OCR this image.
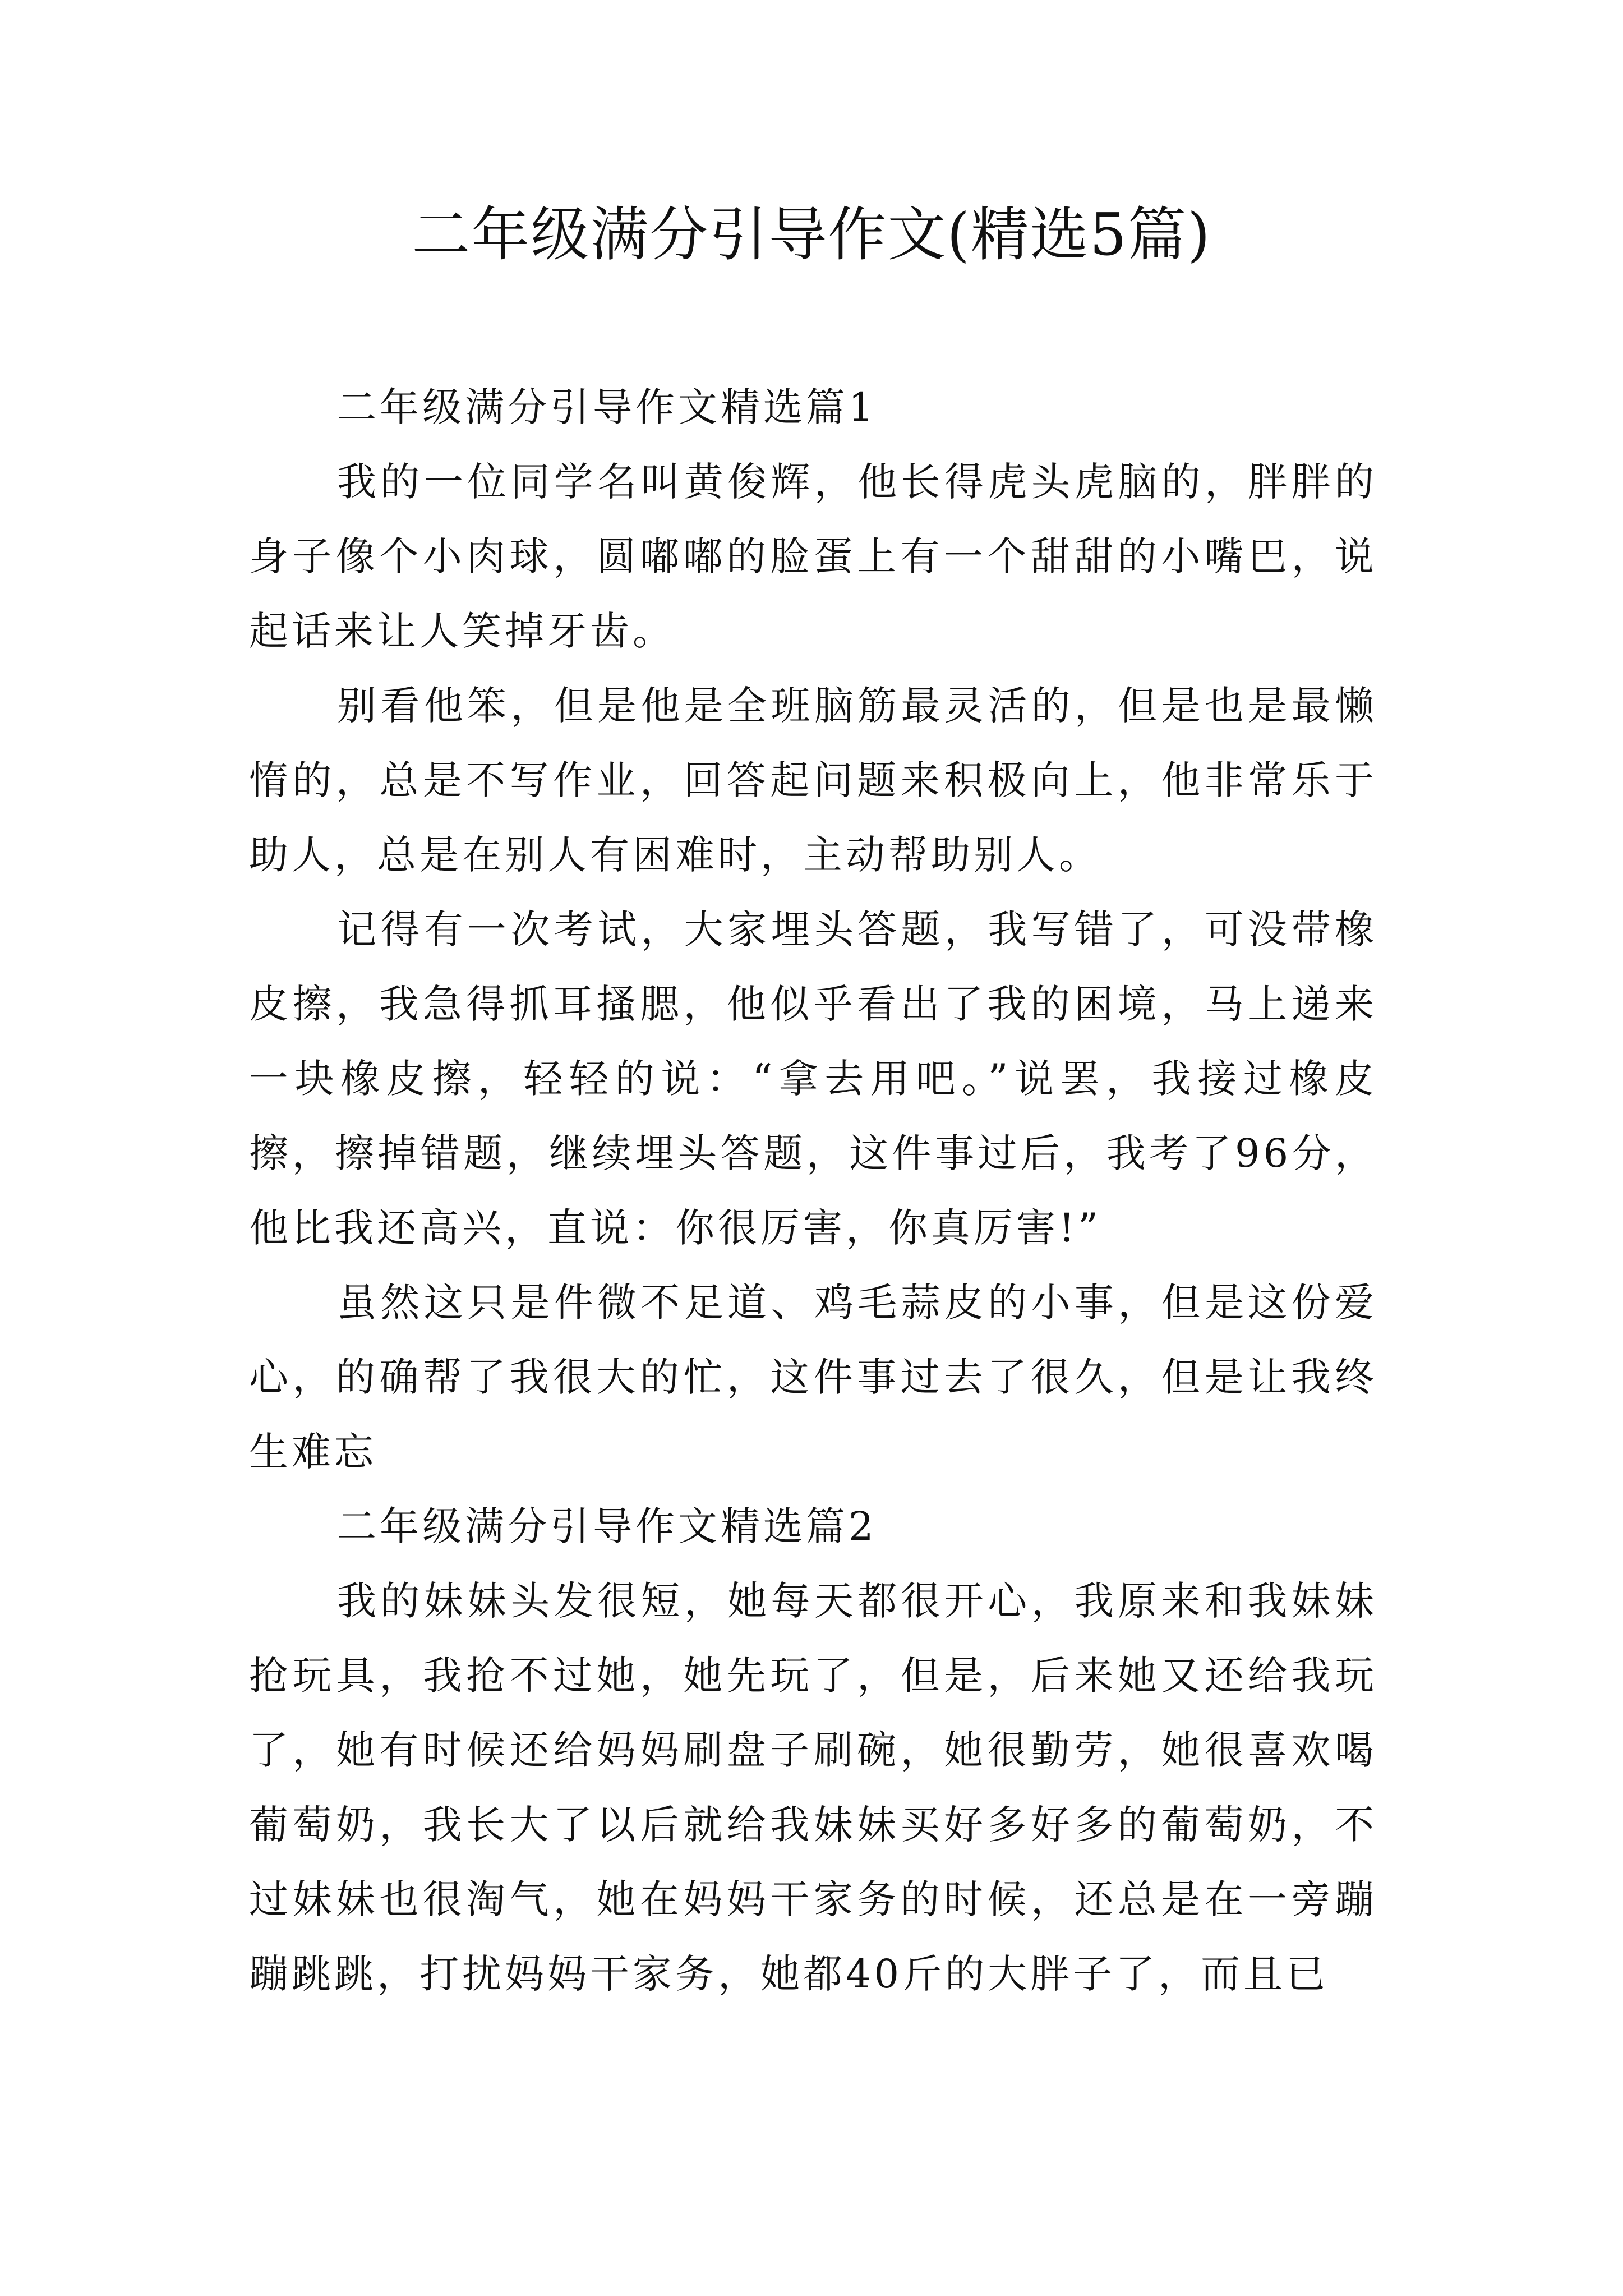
二年级满分引导作文(精选5篇)

二年级满分引导作文精选篇1

我的一位同学名叫黄俊辉，他长得虎头虎脑的，胖胖的身子像个小肉球，圆嘟嘟的脸蛋上有一个甜甜的小嘴巴，说起话来让人笑掉牙齿。

别看他笨，但是他是全班脑筋最灵活的，但是也是最懒惰的，总是不写作业，回答起问题来积极向上，他非常乐于助人，总是在别人有困难时，主动帮助别人。

记得有一次考试，大家埋头答题，我写错了，可没带橡皮擦，我急得抓耳搔腮，他似乎看出了我的困境，马上递来一块橡皮擦，轻轻的说：“拿去用吧。”说罢，我接过橡皮擦，擦掉错题，继续埋头答题，这件事过后，我考了96分，他比我还高兴，直说：你很厉害，你真厉害!”

虽然这只是件微不足道、鸡毛蒜皮的小事，但是这份爱心，的确帮了我很大的忙，这件事过去了很久，但是让我终生难忘

二年级满分引导作文精选篇2

我的妹妹头发很短，她每天都很开心，我原来和我妹妹抢玩具，我抢不过她，她先玩了，但是，后来她又还给我玩了，她有时候还给妈妈刷盘子刷碗，她很勤劳，她很喜欢喝葡萄奶，我长大了以后就给我妹妹买好多好多的葡萄奶，不过妹妹也很淘气，她在妈妈干家务的时候，还总是在一旁蹦蹦跳跳，打扰妈妈干家务，她都40斤的大胖子了，而且已
